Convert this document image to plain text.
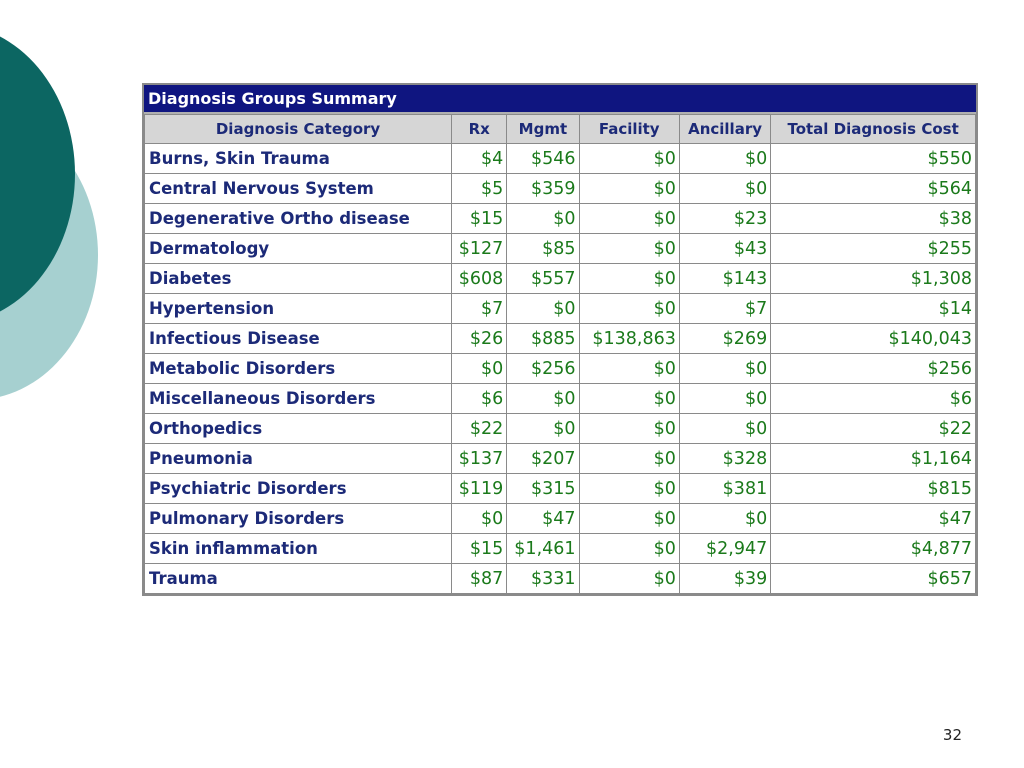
Diagnosis Groups Summary
Diagnosis Category	Rx	Mgmt	Facility	Ancillary	Total Diagnosis Cost
Burns, Skin Trauma	$4	$546	$0	$0	$550
Central Nervous System	$5	$359	$0	$0	$564
Degenerative Ortho disease	$15	$0	$0	$23	$38
Dermatology	$127	$85	$0	$43	$255
Diabetes	$608	$557	$0	$143	$1,308
Hypertension	$7	$0	$0	$7	$14
Infectious Disease	$26	$885	$138,863	$269	$140,043
Metabolic Disorders	$0	$256	$0	$0	$256
Miscellaneous Disorders	$6	$0	$0	$0	$6
Orthopedics	$22	$0	$0	$0	$22
Pneumonia	$137	$207	$0	$328	$1,164
Psychiatric Disorders	$119	$315	$0	$381	$815
Pulmonary Disorders	$0	$47	$0	$0	$47
Skin inflammation	$15	$1,461	$0	$2,947	$4,877
Trauma	$87	$331	$0	$39	$657
32
